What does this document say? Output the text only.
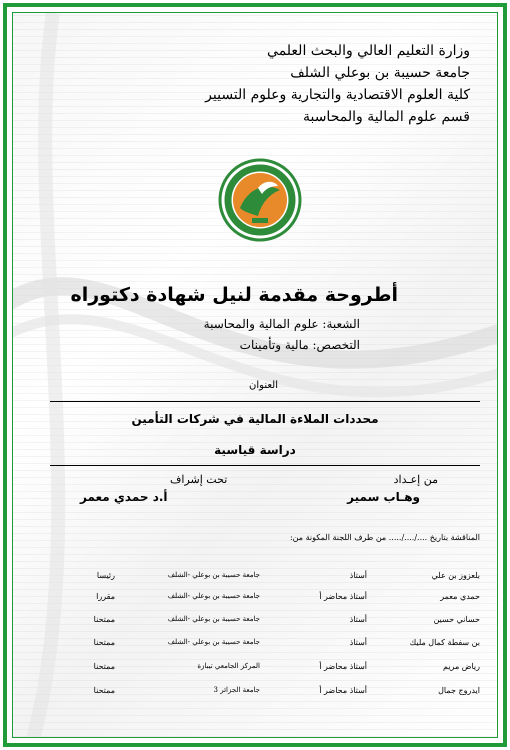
وزارة التعليم العالي والبحث العلمي
جامعة حسيبة بن بوعلي الشلف
كلية العلوم الاقتصادية والتجارية وعلوم التسيير
قسم علوم المالية والمحاسبة
أطروحة مقدمة لنيل شهادة دكتوراه
الشعبة: علوم المالية والمحاسبة
التخصص: مالية وتأمينات
العنوان
محددات الملاءة المالية في شركات التأمين
دراسة قياسية
من إعـداد
وهـاب سمير
تحت إشراف
أ.د حمدي معمر
المناقشة بتاريخ ..../..../..... من طرف اللجنة المكونة من:
بلعزوز بن علي
أستاذ
جامعة حسيبة بن بوعلي -الشلف
رئيسا
حمدي معمر
أستاذ محاضر أ
جامعة حسيبة بن بوعلي -الشلف
مقررا
حساني حسين
أستاذ
جامعة حسيبة بن بوعلي -الشلف
ممتحنا
بن سفطة كمال مليك
أستاذ
جامعة حسيبة بن بوعلي -الشلف
ممتحنا
رياض مريم
أستاذ محاضر أ
المركز الجامعي تيبازة
ممتحنا
ايدروج جمال
أستاذ محاضر أ
جامعة الجزائر 3
ممتحنا
